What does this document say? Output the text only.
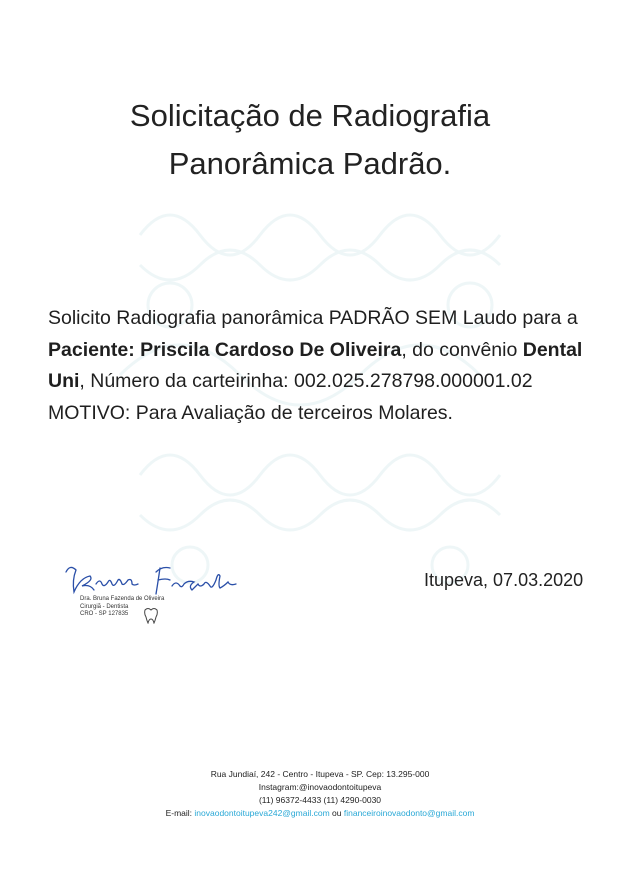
Solicitação de Radiografia
Panorâmica Padrão.
Solicito Radiografia panorâmica PADRÃO SEM Laudo para a Paciente: Priscila Cardoso De Oliveira, do convênio Dental Uni, Número da carteirinha: 002.025.278798.000001.02 MOTIVO: Para Avaliação de terceiros Molares.
Dra. Bruna Fazenda de Oliveira
Cirurgiã - Dentista
CRO - SP 127835
Itupeva, 07.03.2020
Rua Jundiaí, 242 - Centro - Itupeva - SP. Cep: 13.295-000
Instagram:@inovaodontoitupeva
(11) 96372-4433 (11) 4290-0030
E-mail: inovaodontoitupeva242@gmail.com ou financeiroinovaodonto@gmail.com
